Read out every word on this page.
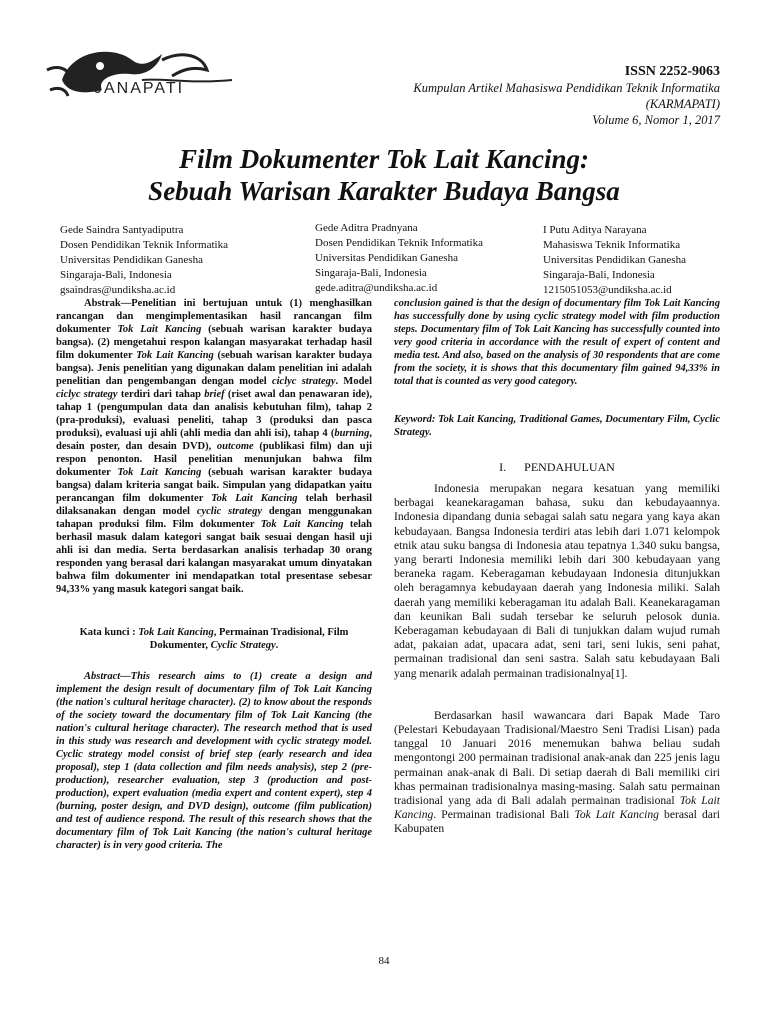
JANAPATI
ISSN 2252-9063
Kumpulan Artikel Mahasiswa Pendidikan Teknik Informatika
(KARMAPATI)
Volume 6, Nomor 1, 2017
Film Dokumenter Tok Lait Kancing:
Sebuah Warisan Karakter Budaya Bangsa
Gede Saindra Santyadiputra
Dosen Pendidikan Teknik Informatika
Universitas Pendidikan Ganesha
Singaraja-Bali, Indonesia
gsaindras@undiksha.ac.id
Gede Aditra Pradnyana
Dosen Pendidikan Teknik Informatika
Universitas Pendidikan Ganesha
Singaraja-Bali, Indonesia
gede.aditra@undiksha.ac.id
I Putu Aditya Narayana
Mahasiswa Teknik Informatika
Universitas Pendidikan Ganesha
Singaraja-Bali, Indonesia
1215051053@undiksha.ac.id

Abstrak—Penelitian ini bertujuan untuk (1) menghasilkan rancangan dan mengimplementasikan hasil rancangan film dokumenter Tok Lait Kancing (sebuah warisan karakter budaya bangsa). (2) mengetahui respon kalangan masyarakat terhadap hasil film dokumenter Tok Lait Kancing (sebuah warisan karakter budaya bangsa). Jenis penelitian yang digunakan dalam penelitian ini adalah penelitian dan pengembangan dengan model ciclyc strategy. Model ciclyc strategy terdiri dari tahap brief (riset awal dan penawaran ide), tahap 1 (pengumpulan data dan analisis kebutuhan film), tahap 2 (pra-produksi), evaluasi peneliti, tahap 3 (produksi dan pasca produksi), evaluasi uji ahli (ahli media dan ahli isi), tahap 4 (burning, desain poster, dan desain DVD), outcome (publikasi film) dan uji respon penonton. Hasil penelitian menunjukan bahwa film dokumenter Tok Lait Kancing (sebuah warisan karakter budaya bangsa) dalam kriteria sangat baik. Simpulan yang didapatkan yaitu perancangan film dokumenter Tok Lait Kancing telah berhasil dilaksanakan dengan model cyclic strategy dengan menggunakan tahapan produksi film. Film dokumenter Tok Lait Kancing telah berhasil masuk dalam kategori sangat baik sesuai dengan hasil uji ahli isi dan media. Serta berdasarkan analisis terhadap 30 orang responden yang berasal dari kalangan masyarakat umum dinyatakan bahwa film dokumenter ini mendapatkan total presentase sebesar 94,33% yang masuk kategori sangat baik.

Kata kunci : Tok Lait Kancing, Permainan Tradisional, Film Dokumenter, Cyclic Strategy.

Abstract—This research aims to (1) create a design and implement the design result of documentary film of Tok Lait Kancing (the nation's cultural heritage character). (2) to know about the responds of the society toward the documentary film of Tok Lait Kancing (the nation's cultural heritage character). The research method that is used in this study was research and development with cyclic strategy model. Cyclic strategy model consist of brief step (early research and idea proposal), step 1 (data collection and film needs analysis), step 2 (pre-production), researcher evaluation, step 3 (production and post-production), expert evaluation (media expert and content expert), step 4 (burning, poster design, and DVD design), outcome (film publication) and test of audience respond. The result of this research shows that the documentary film of Tok Lait Kancing (the nation's cultural heritage character) is in very good criteria. The

conclusion gained is that the design of documentary film Tok Lait Kancing has successfully done by using cyclic strategy model with film production steps. Documentary film of Tok Lait Kancing has successfully counted into very good criteria in accordance with the result of expert of content and media test. And also, based on the analysis of 30 respondents that are come from the society, it is shows that this documentary film gained 94,33% in total that is counted as very good category.

Keyword: Tok Lait Kancing, Traditional Games, Documentary Film, Cyclic Strategy.

I. PENDAHULUAN

Indonesia merupakan negara kesatuan yang memiliki berbagai keanekaragaman bahasa, suku dan kebudayaannya. Indonesia dipandang dunia sebagai salah satu negara yang kaya akan kebudayaan. Bangsa Indonesia terdiri atas lebih dari 1.071 kelompok etnik atau suku bangsa di Indonesia atau tepatnya 1.340 suku bangsa, yang berarti Indonesia memiliki lebih dari 300 kebudayaan yang beraneka ragam. Keberagaman kebudayaan Indonesia ditunjukkan oleh beragamnya kebudayaan daerah yang Indonesia miliki. Salah daerah yang memiliki keberagaman itu adalah Bali. Keanekaragaman dan keunikan Bali sudah tersebar ke seluruh pelosok dunia. Keberagaman kebudayaan di Bali di tunjukkan dalam wujud rumah adat, pakaian adat, upacara adat, seni tari, seni lukis, seni pahat, permainan tradisional dan seni sastra. Salah satu kebudayaan Bali yang menarik adalah permainan tradisionalnya[1].

Berdasarkan hasil wawancara dari Bapak Made Taro (Pelestari Kebudayaan Tradisional/Maestro Seni Tradisi Lisan) pada tanggal 10 Januari 2016 menemukan bahwa beliau sudah mengontongi 200 permainan tradisional anak-anak dan 225 jenis lagu permainan anak-anak di Bali. Di setiap daerah di Bali memiliki ciri khas permainan tradisionalnya masing-masing. Salah satu permainan tradisional yang ada di Bali adalah permainan tradisional Tok Lait Kancing. Permainan tradisional Bali Tok Lait Kancing berasal dari Kabupaten

84
